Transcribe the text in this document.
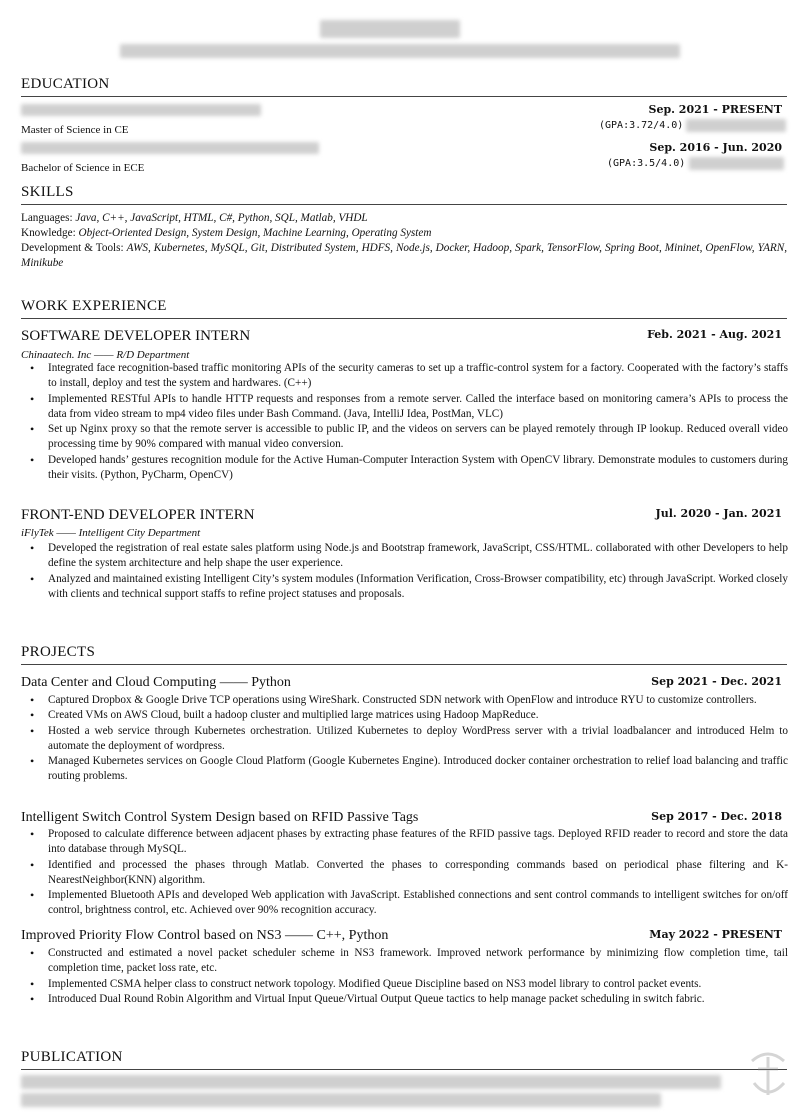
EDUCATION
Sep. 2021 - PRESENT
Master of Science in CE	(GPA:3.72/4.0)
Sep. 2016 - Jun. 2020
Bachelor of Science in ECE	(GPA:3.5/4.0)
SKILLS
Languages: Java, C++, JavaScript, HTML, C#, Python, SQL, Matlab, VHDL
Knowledge: Object-Oriented Design, System Design, Machine Learning, Operating System
Development & Tools: AWS, Kubernetes, MySQL, Git, Distributed System, HDFS, Node.js, Docker, Hadoop, Spark, TensorFlow, Spring Boot, Mininet, OpenFlow, YARN, Minikube
WORK EXPERIENCE
SOFTWARE DEVELOPER INTERN	Feb. 2021 - Aug. 2021
Chinaatech. Inc —— R/D Department
• Integrated face recognition-based traffic monitoring APIs of the security cameras to set up a traffic-control system for a factory. Cooperated with the factory’s staffs to install, deploy and test the system and hardwares. (C++)
• Implemented RESTful APIs to handle HTTP requests and responses from a remote server. Called the interface based on monitoring camera’s APIs to process the data from video stream to mp4 video files under Bash Command. (Java, IntelliJ Idea, PostMan, VLC)
• Set up Nginx proxy so that the remote server is accessible to public IP, and the videos on servers can be played remotely through IP lookup. Reduced overall video processing time by 90% compared with manual video conversion.
• Developed hands’ gestures recognition module for the Active Human-Computer Interaction System with OpenCV library. Demonstrate modules to customers during their visits. (Python, PyCharm, OpenCV)
FRONT-END DEVELOPER INTERN	Jul. 2020 - Jan. 2021
iFlyTek —— Intelligent City Department
• Developed the registration of real estate sales platform using Node.js and Bootstrap framework, JavaScript, CSS/HTML. collaborated with other Developers to help define the system architecture and help shape the user experience.
• Analyzed and maintained existing Intelligent City’s system modules (Information Verification, Cross-Browser compatibility, etc) through JavaScript. Worked closely with clients and technical support staffs to refine project statuses and proposals.
PROJECTS
Data Center and Cloud Computing —— Python	Sep 2021 - Dec. 2021
• Captured Dropbox & Google Drive TCP operations using WireShark. Constructed SDN network with OpenFlow and introduce RYU to customize controllers.
• Created VMs on AWS Cloud, built a hadoop cluster and multiplied large matrices using Hadoop MapReduce.
• Hosted a web service through Kubernetes orchestration. Utilized Kubernetes to deploy WordPress server with a trivial loadbalancer and introduced Helm to automate the deployment of wordpress.
• Managed Kubernetes services on Google Cloud Platform (Google Kubernetes Engine). Introduced docker container orchestration to relief load balancing and traffic routing problems.
Intelligent Switch Control System Design based on RFID Passive Tags	Sep 2017 - Dec. 2018
• Proposed to calculate difference between adjacent phases by extracting phase features of the RFID passive tags. Deployed RFID reader to record and store the data into database through MySQL.
• Identified and processed the phases through Matlab. Converted the phases to corresponding commands based on periodical phase filtering and K-NearestNeighbor(KNN) algorithm.
• Implemented Bluetooth APIs and developed Web application with JavaScript. Established connections and sent control commands to intelligent switches for on/off control, brightness control, etc. Achieved over 90% recognition accuracy.
Improved Priority Flow Control based on NS3 —— C++, Python	May 2022 - PRESENT
• Constructed and estimated a novel packet scheduler scheme in NS3 framework. Improved network performance by minimizing flow completion time, tail completion time, packet loss rate, etc.
• Implemented CSMA helper class to construct network topology. Modified Queue Discipline based on NS3 model library to control packet events.
• Introduced Dual Round Robin Algorithm and Virtual Input Queue/Virtual Output Queue tactics to help manage packet scheduling in switch fabric.
PUBLICATION
